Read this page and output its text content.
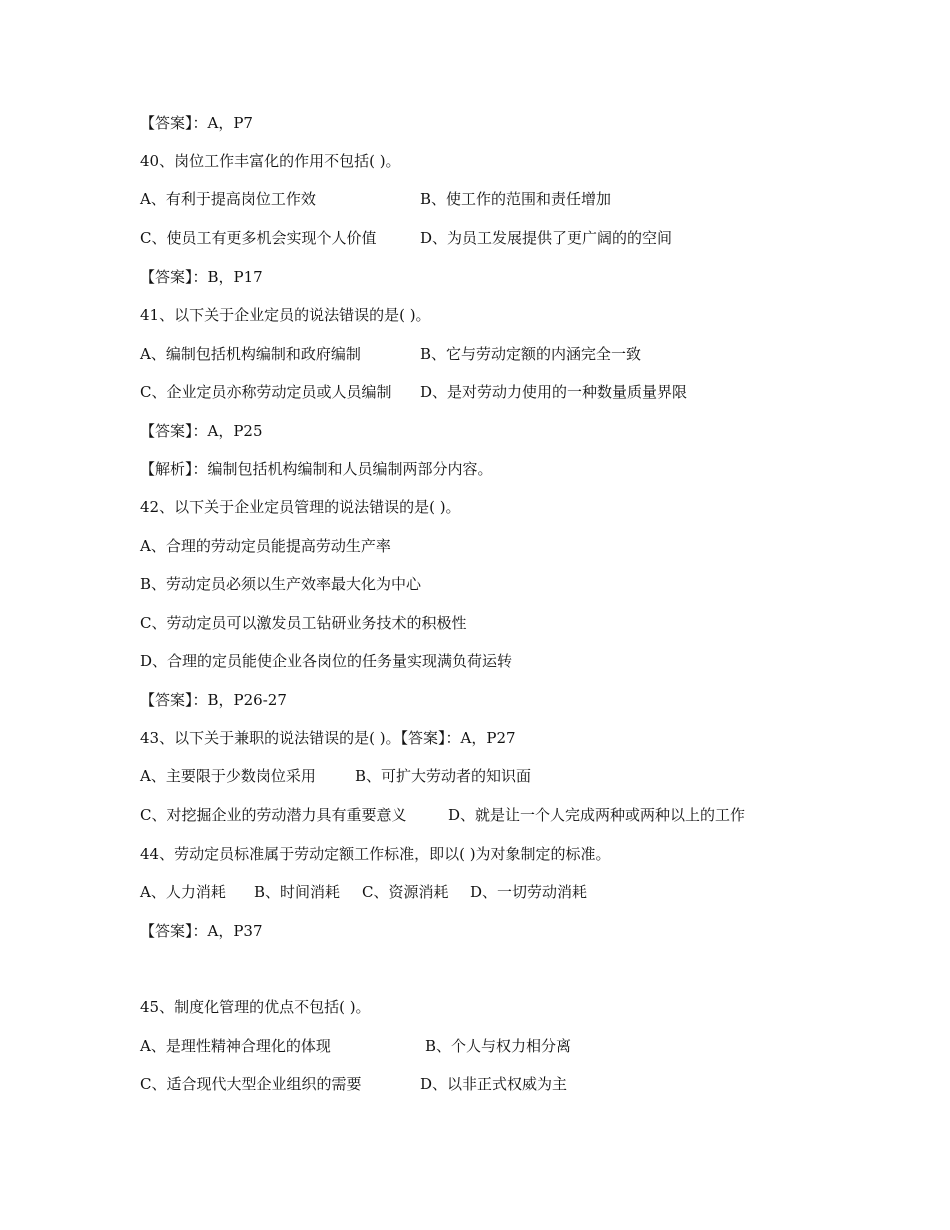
【答案】：A，P7
40、岗位工作丰富化的作用不包括( )。
A、有利于提高岗位工作效	B、使工作的范围和责任增加
C、使员工有更多机会实现个人价值	D、为员工发展提供了更广阔的的空间
【答案】：B，P17
41、以下关于企业定员的说法错误的是( )。
A、编制包括机构编制和政府编制	B、它与劳动定额的内涵完全一致
C、企业定员亦称劳动定员或人员编制 D、是对劳动力使用的一种数量质量界限
【答案】：A，P25
【解析】：编制包括机构编制和人员编制两部分内容。
42、以下关于企业定员管理的说法错误的是( )。
A、合理的劳动定员能提高劳动生产率
B、劳动定员必须以生产效率最大化为中心
C、劳动定员可以激发员工钻研业务技术的积极性
D、合理的定员能使企业各岗位的任务量实现满负荷运转
【答案】：B，P26-27
43、以下关于兼职的说法错误的是( )。【答案】：A，P27
A、主要限于少数岗位采用	B、可扩大劳动者的知识面
C、对挖掘企业的劳动潜力具有重要意义	D、就是让一个人完成两种或两种以上的工作
44、劳动定员标准属于劳动定额工作标准，即以( )为对象制定的标准。
A、人力消耗 B、时间消耗 C、资源消耗 D、一切劳动消耗
【答案】：A，P37
45、制度化管理的优点不包括( )。
A、是理性精神合理化的体现	B、个人与权力相分离
C、适合现代大型企业组织的需要	D、以非正式权威为主
